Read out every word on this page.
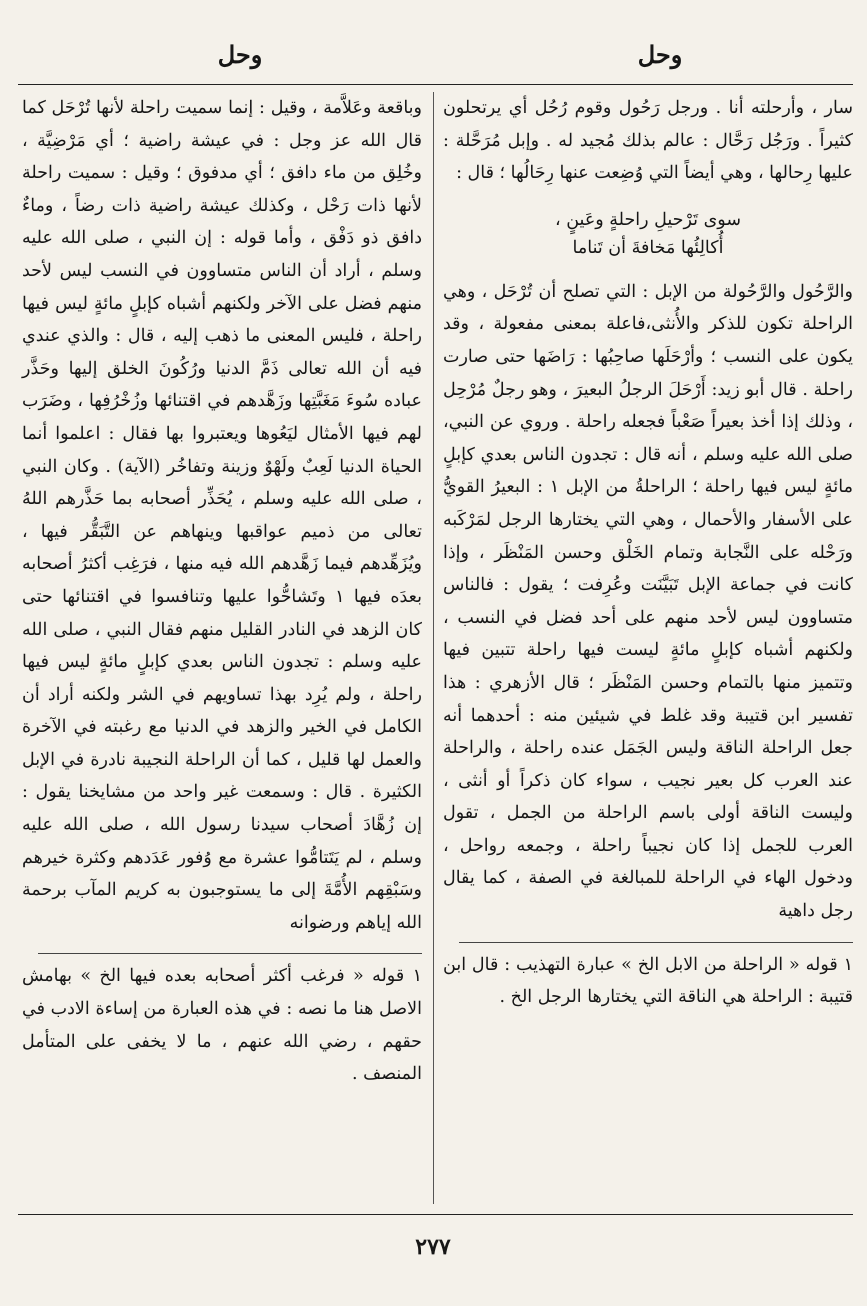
وحل
وحل

سار ، وأرحلته أنا . ورجل رَحُول وقوم رُحُل أي يرتحلون كثيراً . ورَجُل رَحَّال : عالم بذلك مُجيد له . وإبل مُرَحَّلة : عليها رِحالها ، وهي أيضاً التي وُضِعت عنها رِحَالُها ؛ قال :

سوى تَرْحيلِ راحلةٍ وعَينٍ ،
أُكالِئُها مَخافةَ أن تَناما

والرَّحُول والرَّحُولة من الإبل : التي تصلح أن تُرْحَل ، وهي الراحلة تكون للذكر والأُنثى،فاعلة بمعنى مفعولة ، وقد يكون على النسب ؛ وأرْحَلَها صاحِبُها : رَاضَها حتى صارت راحلة . قال أبو زيد: أَرْحَلَ الرجلُ البعيرَ ، وهو رجلٌ مُرْحِل ، وذلك إذا أخذ بعيراً صَعْباً فجعله راحلة . وروي عن النبي، صلى الله عليه وسلم ، أنه قال : تجدون الناس بعدي كإبلٍ مائةٍ ليس فيها راحلة ؛ الراحلةُ من الإبل ١ : البعيرُ القويُّ على الأسفار والأحمال ، وهي التي يختارها الرجل لمَرْكَبه ورَحْله على النَّجابة وتمام الخَلْق وحسن المَنْظَر ، وإذا كانت في جماعة الإبل تَبَيَّنَت وعُرِفت ؛ يقول : فالناس متساوون ليس لأحد منهم على أحد فضل في النسب ، ولكنهم أشباه كإبلٍ مائةٍ ليست فيها راحلة تتبين فيها وتتميز منها بالتمام وحسن المَنْظَر ؛ قال الأزهري : هذا تفسير ابن قتيبة وقد غلط في شيئين منه : أحدهما أنه جعل الراحلة الناقة وليس الجَمَل عنده راحلة ، والراحلة عند العرب كل بعير نجيب ، سواء كان ذكراً أو أنثى ، وليست الناقة أولى باسم الراحلة من الجمل ، تقول العرب للجمل إذا كان نجيباً راحلة ، وجمعه رواحل ، ودخول الهاء في الراحلة للمبالغة في الصفة ، كما يقال رجل داهية

١ قوله « الراحلة من الابل الخ » عبارة التهذيب : قال ابن قتيبة : الراحلة هي الناقة التي يختارها الرجل الخ .

وباقعة وعَلاَّمة ، وقيل : إنما سميت راحلة لأنها تُرْحَل كما قال الله عز وجل : في عيشة راضية ؛ أي مَرْضِيَّة ، وخُلِق من ماء دافق ؛ أي مدفوق ؛ وقيل : سميت راحلة لأنها ذات رَحْل ، وكذلك عيشة راضية ذات رضاً ، وماءٌ دافق ذو دَفْق ، وأما قوله : إن النبي ، صلى الله عليه وسلم ، أراد أن الناس متساوون في النسب ليس لأحد منهم فضل على الآخر ولكنهم أشباه كإبلٍ مائةٍ ليس فيها راحلة ، فليس المعنى ما ذهب إليه ، قال : والذي عندي فيه أن الله تعالى ذَمَّ الدنيا ورُكُونَ الخلق إليها وحَذَّر عباده سُوءَ مَغَبَّتِها وزَهَّدهم في اقتنائها وزُخْرُفِها ، وضَرَب لهم فيها الأمثال ليَعُوها ويعتبروا بها فقال : اعلموا أنما الحياة الدنيا لَعِبٌ ولَهْوٌ وزينة وتفاخُر (الآية) . وكان النبي ، صلى الله عليه وسلم ، يُحَذِّر أصحابه بما حَذَّرهم اللهُ تعالى من ذميم عواقبها وينهاهم عن التَّبَقُّر فيها ، ويُزَهِّدهم فيما زَهَّدهم الله فيه منها ، فرَغِب أكثرُ أصحابه بعدَه فيها ١ وتَشاحُّوا عليها وتنافسوا في اقتنائها حتى كان الزهد في النادر القليل منهم فقال النبي ، صلى الله عليه وسلم : تجدون الناس بعدي كإبلٍ مائةٍ ليس فيها راحلة ، ولم يُرِد بهذا تساويهم في الشر ولكنه أراد أن الكامل في الخير والزهد في الدنيا مع رغبته في الآخرة والعمل لها قليل ، كما أن الراحلة النجيبة نادرة في الإبل الكثيرة . قال : وسمعت غير واحد من مشايخنا يقول : إن زُهَّادَ أصحاب سيدنا رسول الله ، صلى الله عليه وسلم ، لم يَتَتامُّوا عشرة مع وُفور عَدَدهم وكثرة خيرهم وسَبْقِهم الأُمَّةَ إلى ما يستوجبون به كريم المآب برحمة الله إياهم ورضوانه

١ قوله « فرغب أكثر أصحابه بعده فيها الخ » بهامش الاصل هنا ما نصه : في هذه العبارة من إساءة الادب في حقهم ، رضي الله عنهم ، ما لا يخفى على المتأمل المنصف .

٢٧٧
